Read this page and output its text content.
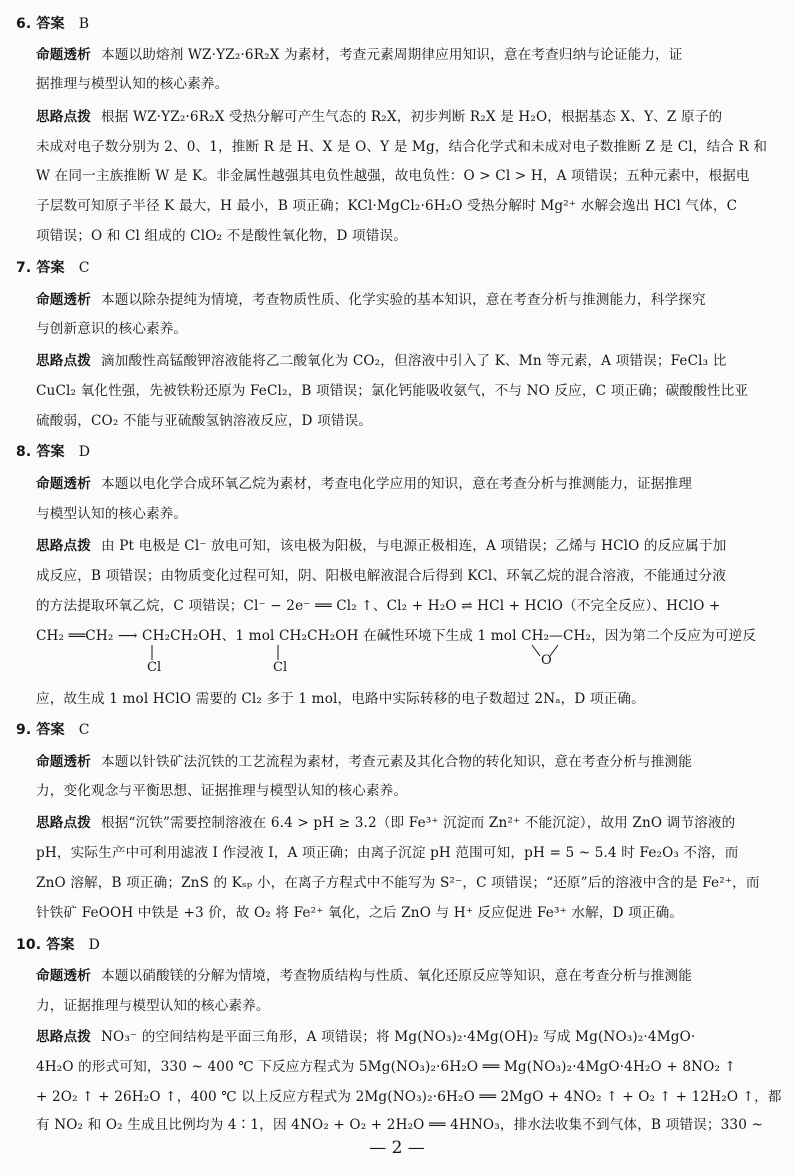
6. 答案 B
命题透析 本题以助熔剂 WZ·YZ₂·6R₂X 为素材，考查元素周期律应用知识，意在考查归纳与论证能力，证
据推理与模型认知的核心素养。
思路点拨 根据 WZ·YZ₂·6R₂X 受热分解可产生气态的 R₂X，初步判断 R₂X 是 H₂O，根据基态 X、Y、Z 原子的
未成对电子数分别为 2、0、1，推断 R 是 H、X 是 O、Y 是 Mg，结合化学式和未成对电子数推断 Z 是 Cl，结合 R 和
W 在同一主族推断 W 是 K。非金属性越强其电负性越强，故电负性：O > Cl > H，A 项错误；五种元素中，根据电
子层数可知原子半径 K 最大，H 最小，B 项正确；KCl·MgCl₂·6H₂O 受热分解时 Mg²⁺ 水解会逸出 HCl 气体，C
项错误；O 和 Cl 组成的 ClO₂ 不是酸性氧化物，D 项错误。
7. 答案 C
命题透析 本题以除杂提纯为情境，考查物质性质、化学实验的基本知识，意在考查分析与推测能力，科学探究
与创新意识的核心素养。
思路点拨 滴加酸性高锰酸钾溶液能将乙二酸氧化为 CO₂，但溶液中引入了 K、Mn 等元素，A 项错误；FeCl₃ 比
CuCl₂ 氧化性强，先被铁粉还原为 FeCl₂，B 项错误；氯化钙能吸收氨气，不与 NO 反应，C 项正确；碳酸酸性比亚
硫酸弱，CO₂ 不能与亚硫酸氢钠溶液反应，D 项错误。
8. 答案 D
命题透析 本题以电化学合成环氧乙烷为素材，考查电化学应用的知识，意在考查分析与推测能力，证据推理
与模型认知的核心素养。
思路点拨 由 Pt 电极是 Cl⁻ 放电可知，该电极为阳极，与电源正极相连，A 项错误；乙烯与 HClO 的反应属于加
成反应，B 项错误；由物质变化过程可知，阴、阳极电解液混合后得到 KCl、环氧乙烷的混合溶液，不能通过分液
的方法提取环氧乙烷，C 项错误；Cl⁻ − 2e⁻ ══ Cl₂ ↑、Cl₂ + H₂O ⇌ HCl + HClO（不完全反应）、HClO +
CH₂ ══CH₂ ⟶ CH₂CH₂OH、1 mol CH₂CH₂OH 在碱性环境下生成 1 mol CH₂—CH₂，因为第二个反应为可逆反
Cl	Cl	O
应，故生成 1 mol HClO 需要的 Cl₂ 多于 1 mol，电路中实际转移的电子数超过 2Nₐ，D 项正确。
9. 答案 C
命题透析 本题以针铁矿法沉铁的工艺流程为素材，考查元素及其化合物的转化知识，意在考查分析与推测能
力，变化观念与平衡思想、证据推理与模型认知的核心素养。
思路点拨 根据“沉铁”需要控制溶液在 6.4 > pH ≥ 3.2（即 Fe³⁺ 沉淀而 Zn²⁺ 不能沉淀），故用 ZnO 调节溶液的
pH，实际生产中可利用滤液 Ⅰ 作浸液 Ⅰ，A 项正确；由离子沉淀 pH 范围可知，pH = 5 ~ 5.4 时 Fe₂O₃ 不溶，而
ZnO 溶解，B 项正确；ZnS 的 Kₛₚ 小，在离子方程式中不能写为 S²⁻，C 项错误；“还原”后的溶液中含的是 Fe²⁺，而
针铁矿 FeOOH 中铁是 +3 价，故 O₂ 将 Fe²⁺ 氧化，之后 ZnO 与 H⁺ 反应促进 Fe³⁺ 水解，D 项正确。
10. 答案 D
命题透析 本题以硝酸镁的分解为情境，考查物质结构与性质、氧化还原反应等知识，意在考查分析与推测能
力，证据推理与模型认知的核心素养。
思路点拨 NO₃⁻ 的空间结构是平面三角形，A 项错误；将 Mg(NO₃)₂·4Mg(OH)₂ 写成 Mg(NO₃)₂·4MgO·
4H₂O 的形式可知，330 ~ 400 ℃ 下反应方程式为 5Mg(NO₃)₂·6H₂O ══ Mg(NO₃)₂·4MgO·4H₂O + 8NO₂ ↑
+ 2O₂ ↑ + 26H₂O ↑，400 ℃ 以上反应方程式为 2Mg(NO₃)₂·6H₂O ══ 2MgO + 4NO₂ ↑ + O₂ ↑ + 12H₂O ↑，都
有 NO₂ 和 O₂ 生成且比例均为 4∶1，因 4NO₂ + O₂ + 2H₂O ══ 4HNO₃，排水法收集不到气体，B 项错误；330 ~
— 2 —
